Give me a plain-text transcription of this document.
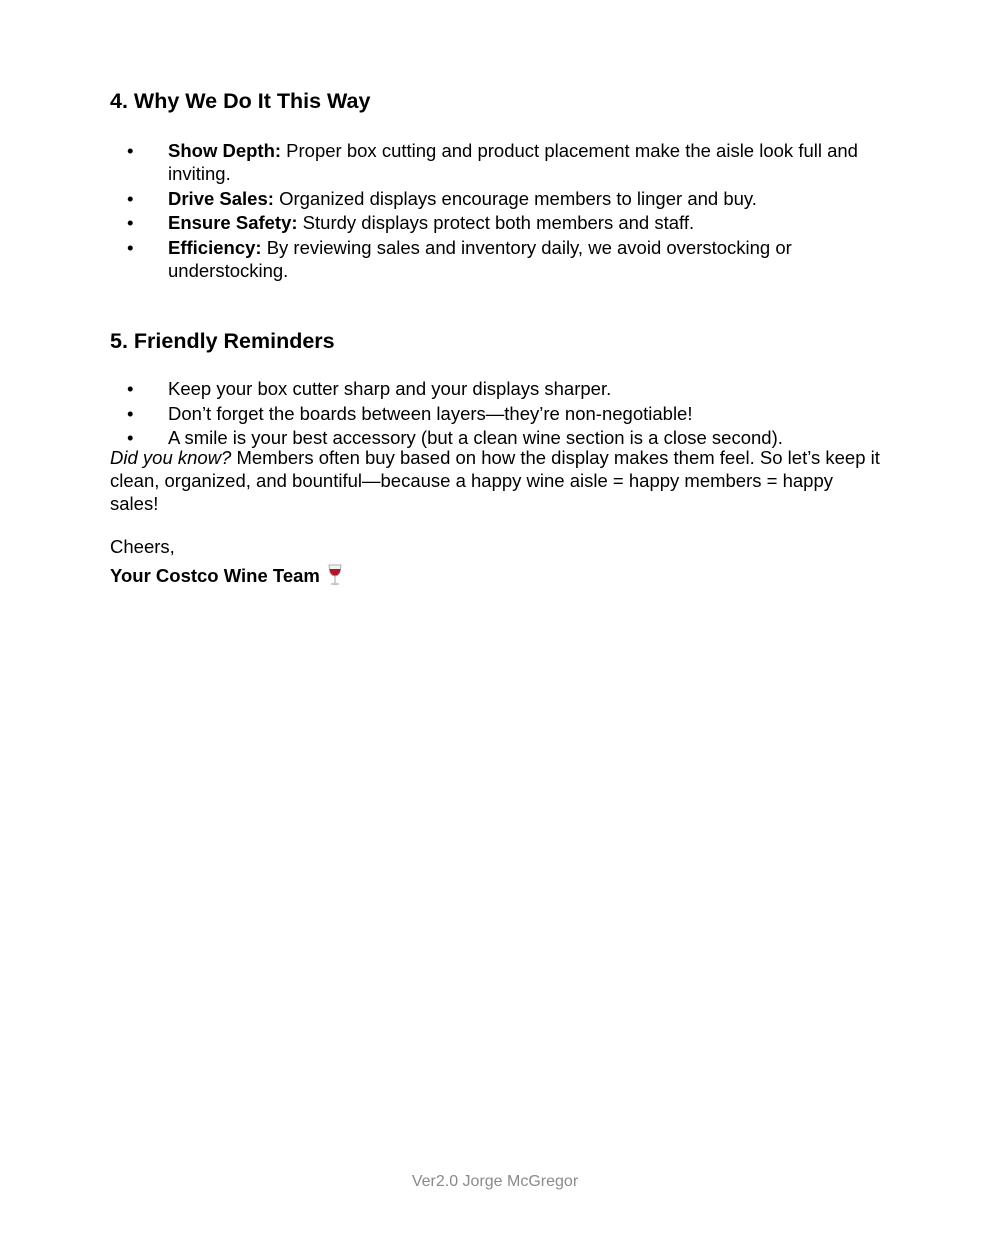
4. Why We Do It This Way
• Show Depth: Proper box cutting and product placement make the aisle look full and inviting.
• Drive Sales: Organized displays encourage members to linger and buy.
• Ensure Safety: Sturdy displays protect both members and staff.
• Efficiency: By reviewing sales and inventory daily, we avoid overstocking or understocking.
5. Friendly Reminders
• Keep your box cutter sharp and your displays sharper.
• Don’t forget the boards between layers—they’re non-negotiable!
• A smile is your best accessory (but a clean wine section is a close second).
Did you know? Members often buy based on how the display makes them feel. So let’s keep it clean, organized, and bountiful—because a happy wine aisle = happy members = happy sales!
Cheers,
Your Costco Wine Team
Ver2.0 Jorge McGregor
